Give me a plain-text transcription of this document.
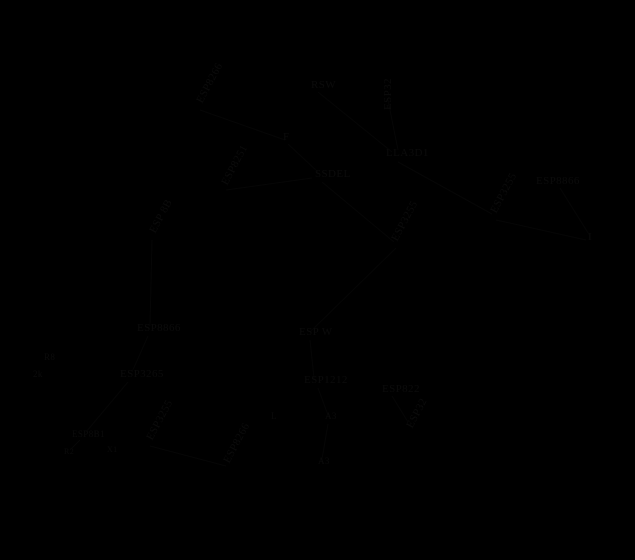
ESP8266	RSW	ESP32
F
LLA3D1
ESP8251	SSDEL
ESP8866
ESP3255
ESP 8B	ESP3255	I
ESP8866	ESP W
R8
2k	ESP3265	ESP1212
ESP822
L	A3	ESP32
ESP8B1	ESP3255
R2	X1
A3
ESP8266
